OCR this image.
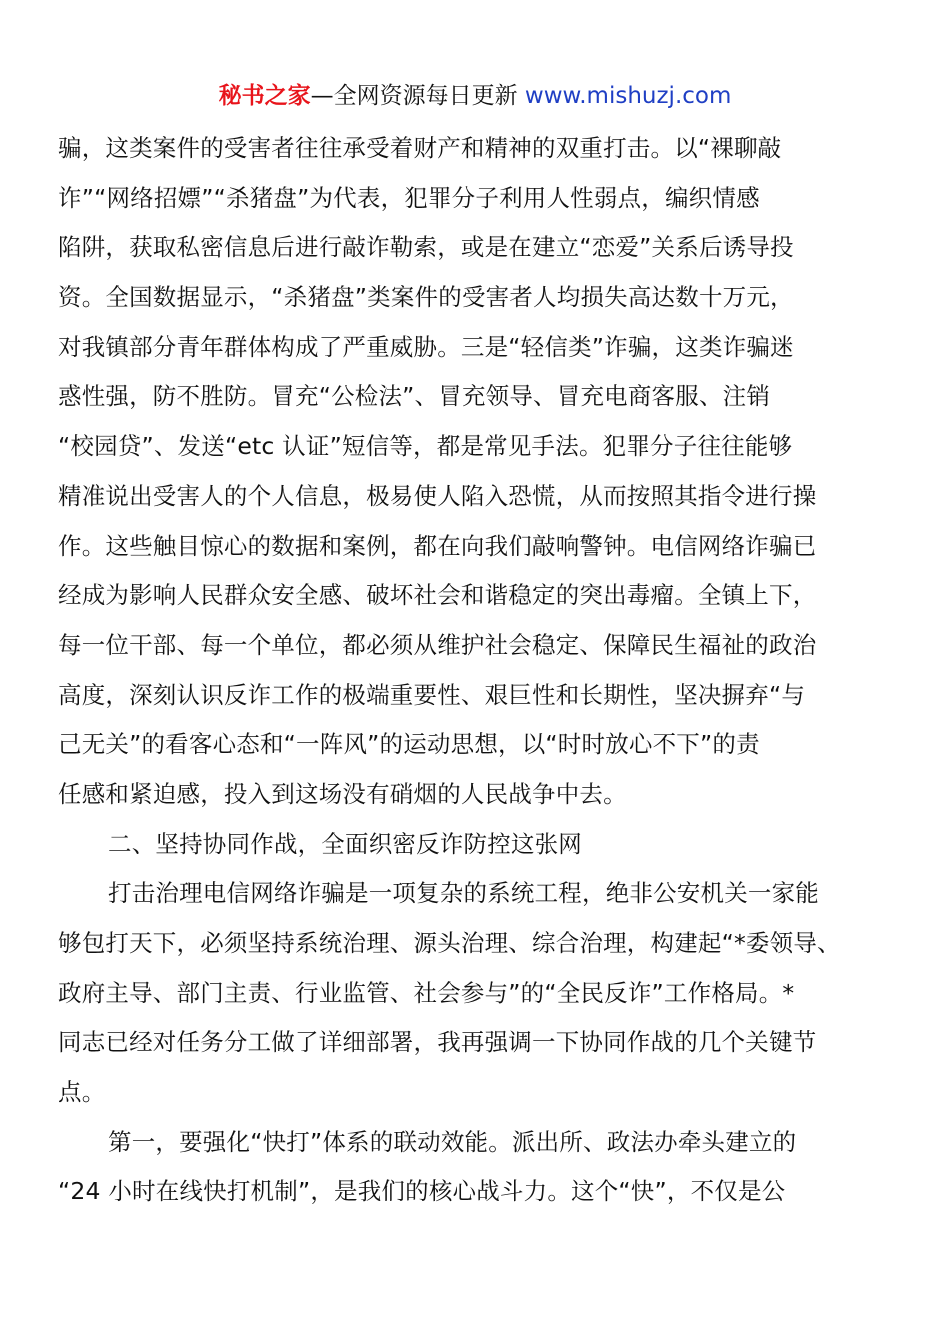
秘书之家—全网资源每日更新 www.mishuzj.com
骗，这类案件的受害者往往承受着财产和精神的双重打击。以“裸聊敲
诈”“网络招嫖”“杀猪盘”为代表，犯罪分子利用人性弱点，编织情感
陷阱，获取私密信息后进行敲诈勒索，或是在建立“恋爱”关系后诱导投
资。全国数据显示，“杀猪盘”类案件的受害者人均损失高达数十万元，
对我镇部分青年群体构成了严重威胁。三是“轻信类”诈骗，这类诈骗迷
惑性强，防不胜防。冒充“公检法”、冒充领导、冒充电商客服、注销
“校园贷”、发送“etc 认证”短信等，都是常见手法。犯罪分子往往能够
精准说出受害人的个人信息，极易使人陷入恐慌，从而按照其指令进行操
作。这些触目惊心的数据和案例，都在向我们敲响警钟。电信网络诈骗已
经成为影响人民群众安全感、破坏社会和谐稳定的突出毒瘤。全镇上下，
每一位干部、每一个单位，都必须从维护社会稳定、保障民生福祉的政治
高度，深刻认识反诈工作的极端重要性、艰巨性和长期性，坚决摒弃“与
己无关”的看客心态和“一阵风”的运动思想，以“时时放心不下”的责
任感和紧迫感，投入到这场没有硝烟的人民战争中去。
二、坚持协同作战，全面织密反诈防控这张网
打击治理电信网络诈骗是一项复杂的系统工程，绝非公安机关一家能
够包打天下，必须坚持系统治理、源头治理、综合治理，构建起“*委领导、
政府主导、部门主责、行业监管、社会参与”的“全民反诈”工作格局。*
同志已经对任务分工做了详细部署，我再强调一下协同作战的几个关键节
点。
第一，要强化“快打”体系的联动效能。派出所、政法办牵头建立的
“24 小时在线快打机制”，是我们的核心战斗力。这个“快”，不仅是公
